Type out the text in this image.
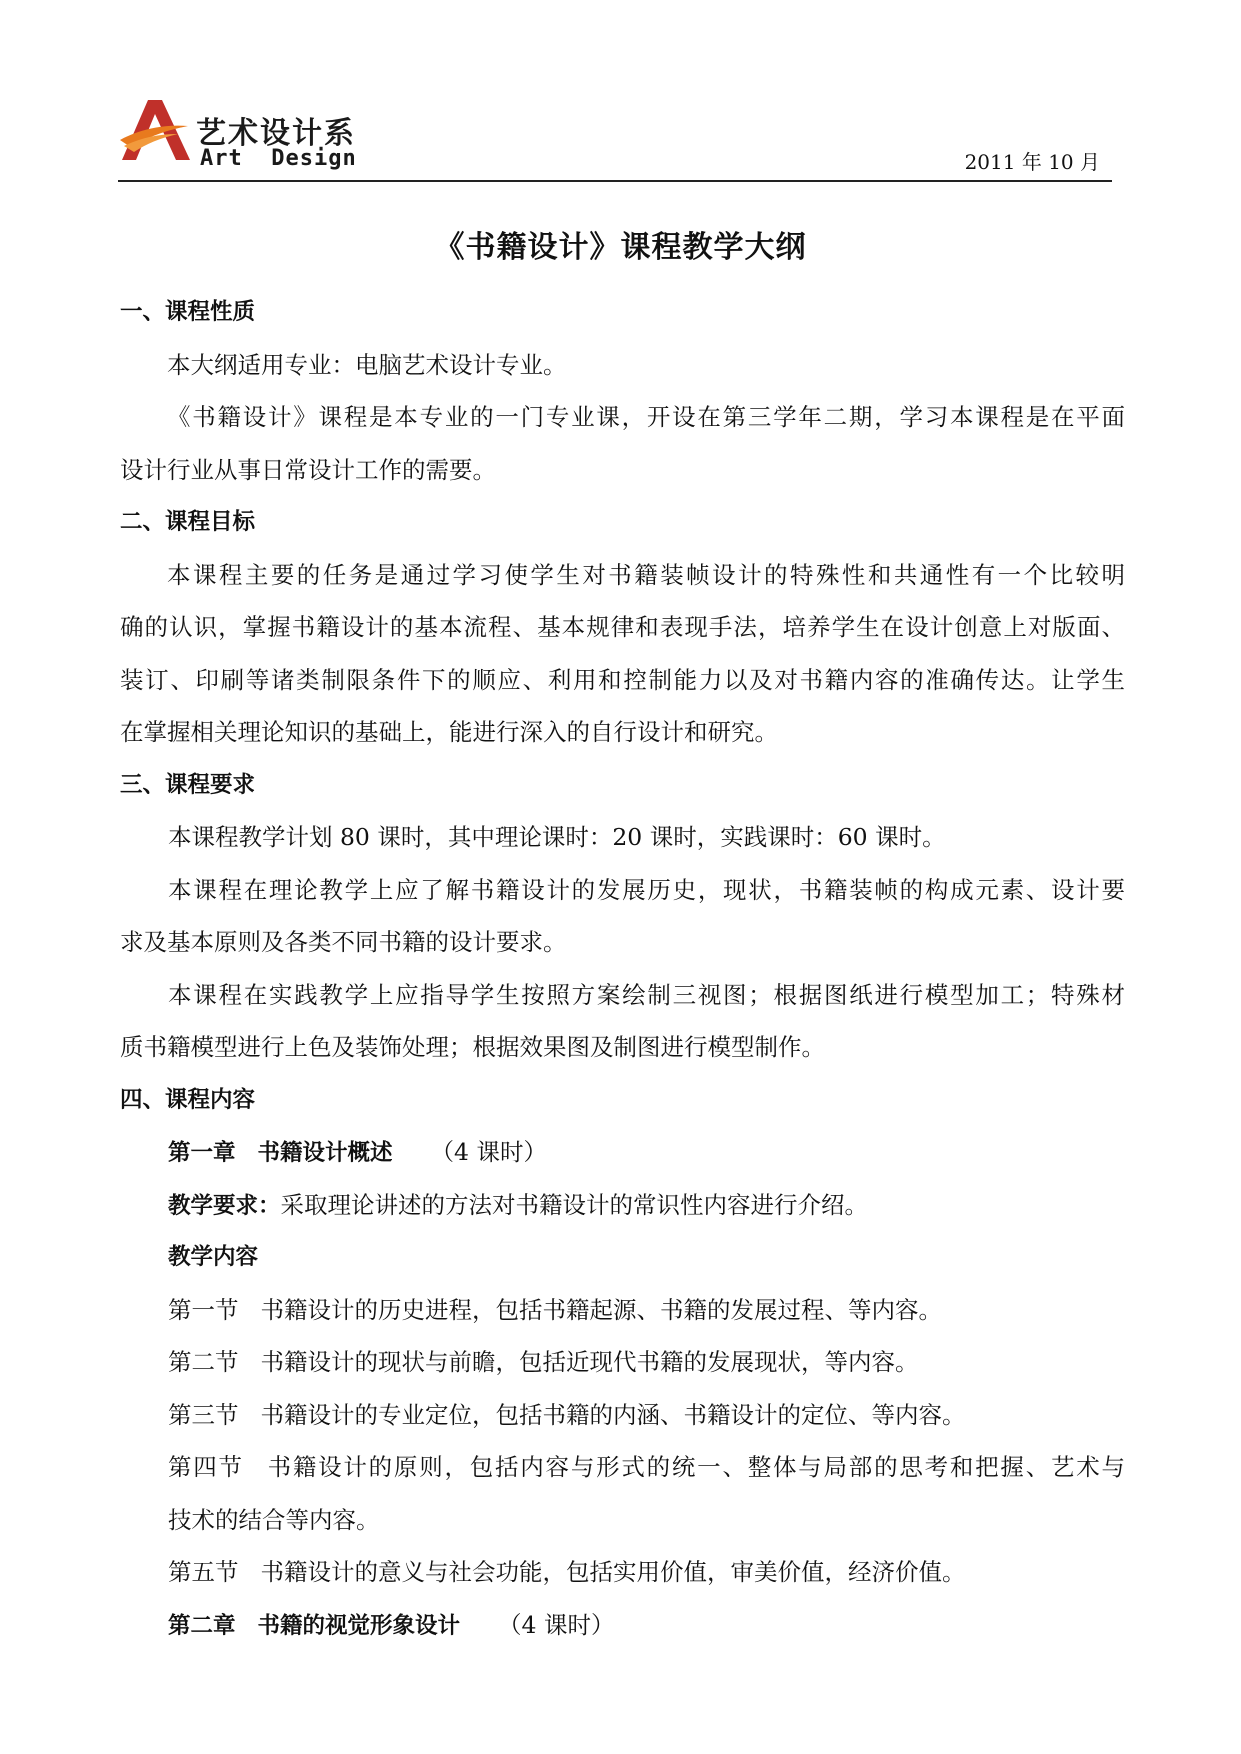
艺术设计系
Art  Design	2011 年 10 月
《书籍设计》课程教学大纲
一、课程性质
本大纲适用专业：电脑艺术设计专业。
《书籍设计》课程是本专业的一门专业课，开设在第三学年二期，学习本课程是在平面
设计行业从事日常设计工作的需要。
二、课程目标
本课程主要的任务是通过学习使学生对书籍装帧设计的特殊性和共通性有一个比较明
确的认识，掌握书籍设计的基本流程、基本规律和表现手法，培养学生在设计创意上对版面、
装订、印刷等诸类制限条件下的顺应、利用和控制能力以及对书籍内容的准确传达。让学生
在掌握相关理论知识的基础上，能进行深入的自行设计和研究。
三、课程要求
本课程教学计划 80 课时，其中理论课时：20 课时，实践课时：60 课时。
本课程在理论教学上应了解书籍设计的发展历史，现状，书籍装帧的构成元素、设计要
求及基本原则及各类不同书籍的设计要求。
本课程在实践教学上应指导学生按照方案绘制三视图；根据图纸进行模型加工；特殊材
质书籍模型进行上色及装饰处理；根据效果图及制图进行模型制作。
四、课程内容
第一章 书籍设计概述 （4 课时）
教学要求：采取理论讲述的方法对书籍设计的常识性内容进行介绍。
教学内容
第一节 书籍设计的历史进程，包括书籍起源、书籍的发展过程、等内容。
第二节 书籍设计的现状与前瞻，包括近现代书籍的发展现状，等内容。
第三节 书籍设计的专业定位，包括书籍的内涵、书籍设计的定位、等内容。
第四节 书籍设计的原则，包括内容与形式的统一、整体与局部的思考和把握、艺术与
技术的结合等内容。
第五节 书籍设计的意义与社会功能，包括实用价值，审美价值，经济价值。
第二章 书籍的视觉形象设计 （4 课时）
